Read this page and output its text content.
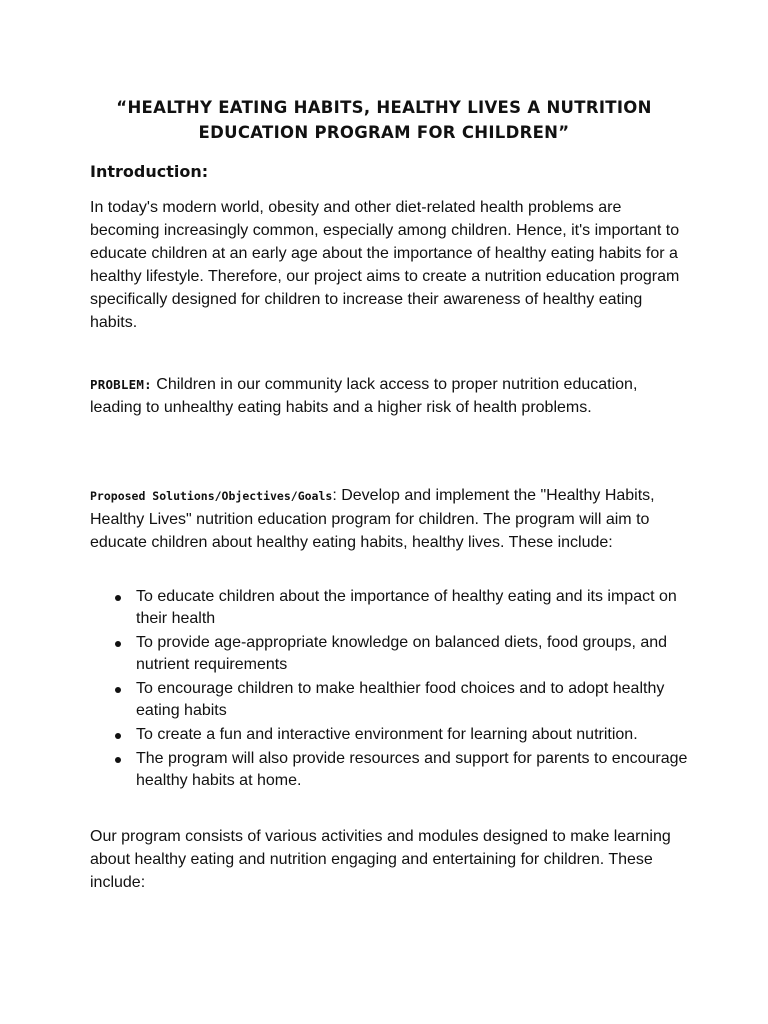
“HEALTHY EATING HABITS, HEALTHY LIVES A NUTRITION
EDUCATION PROGRAM FOR CHILDREN”
Introduction:
In today's modern world, obesity and other diet-related health problems are becoming increasingly common, especially among children. Hence, it's important to educate children at an early age about the importance of healthy eating habits for a healthy lifestyle. Therefore, our project aims to create a nutrition education program specifically designed for children to increase their awareness of healthy eating habits.
PROBLEM: Children in our community lack access to proper nutrition education, leading to unhealthy eating habits and a higher risk of health problems.
Proposed Solutions/Objectives/Goals: Develop and implement the "Healthy Habits, Healthy Lives" nutrition education program for children. The program will aim to educate children about healthy eating habits, healthy lives. These include:
To educate children about the importance of healthy eating and its impact on their health
To provide age-appropriate knowledge on balanced diets, food groups, and nutrient requirements
To encourage children to make healthier food choices and to adopt healthy eating habits
To create a fun and interactive environment for learning about nutrition.
The program will also provide resources and support for parents to encourage healthy habits at home.
Our program consists of various activities and modules designed to make learning about healthy eating and nutrition engaging and entertaining for children. These include:
